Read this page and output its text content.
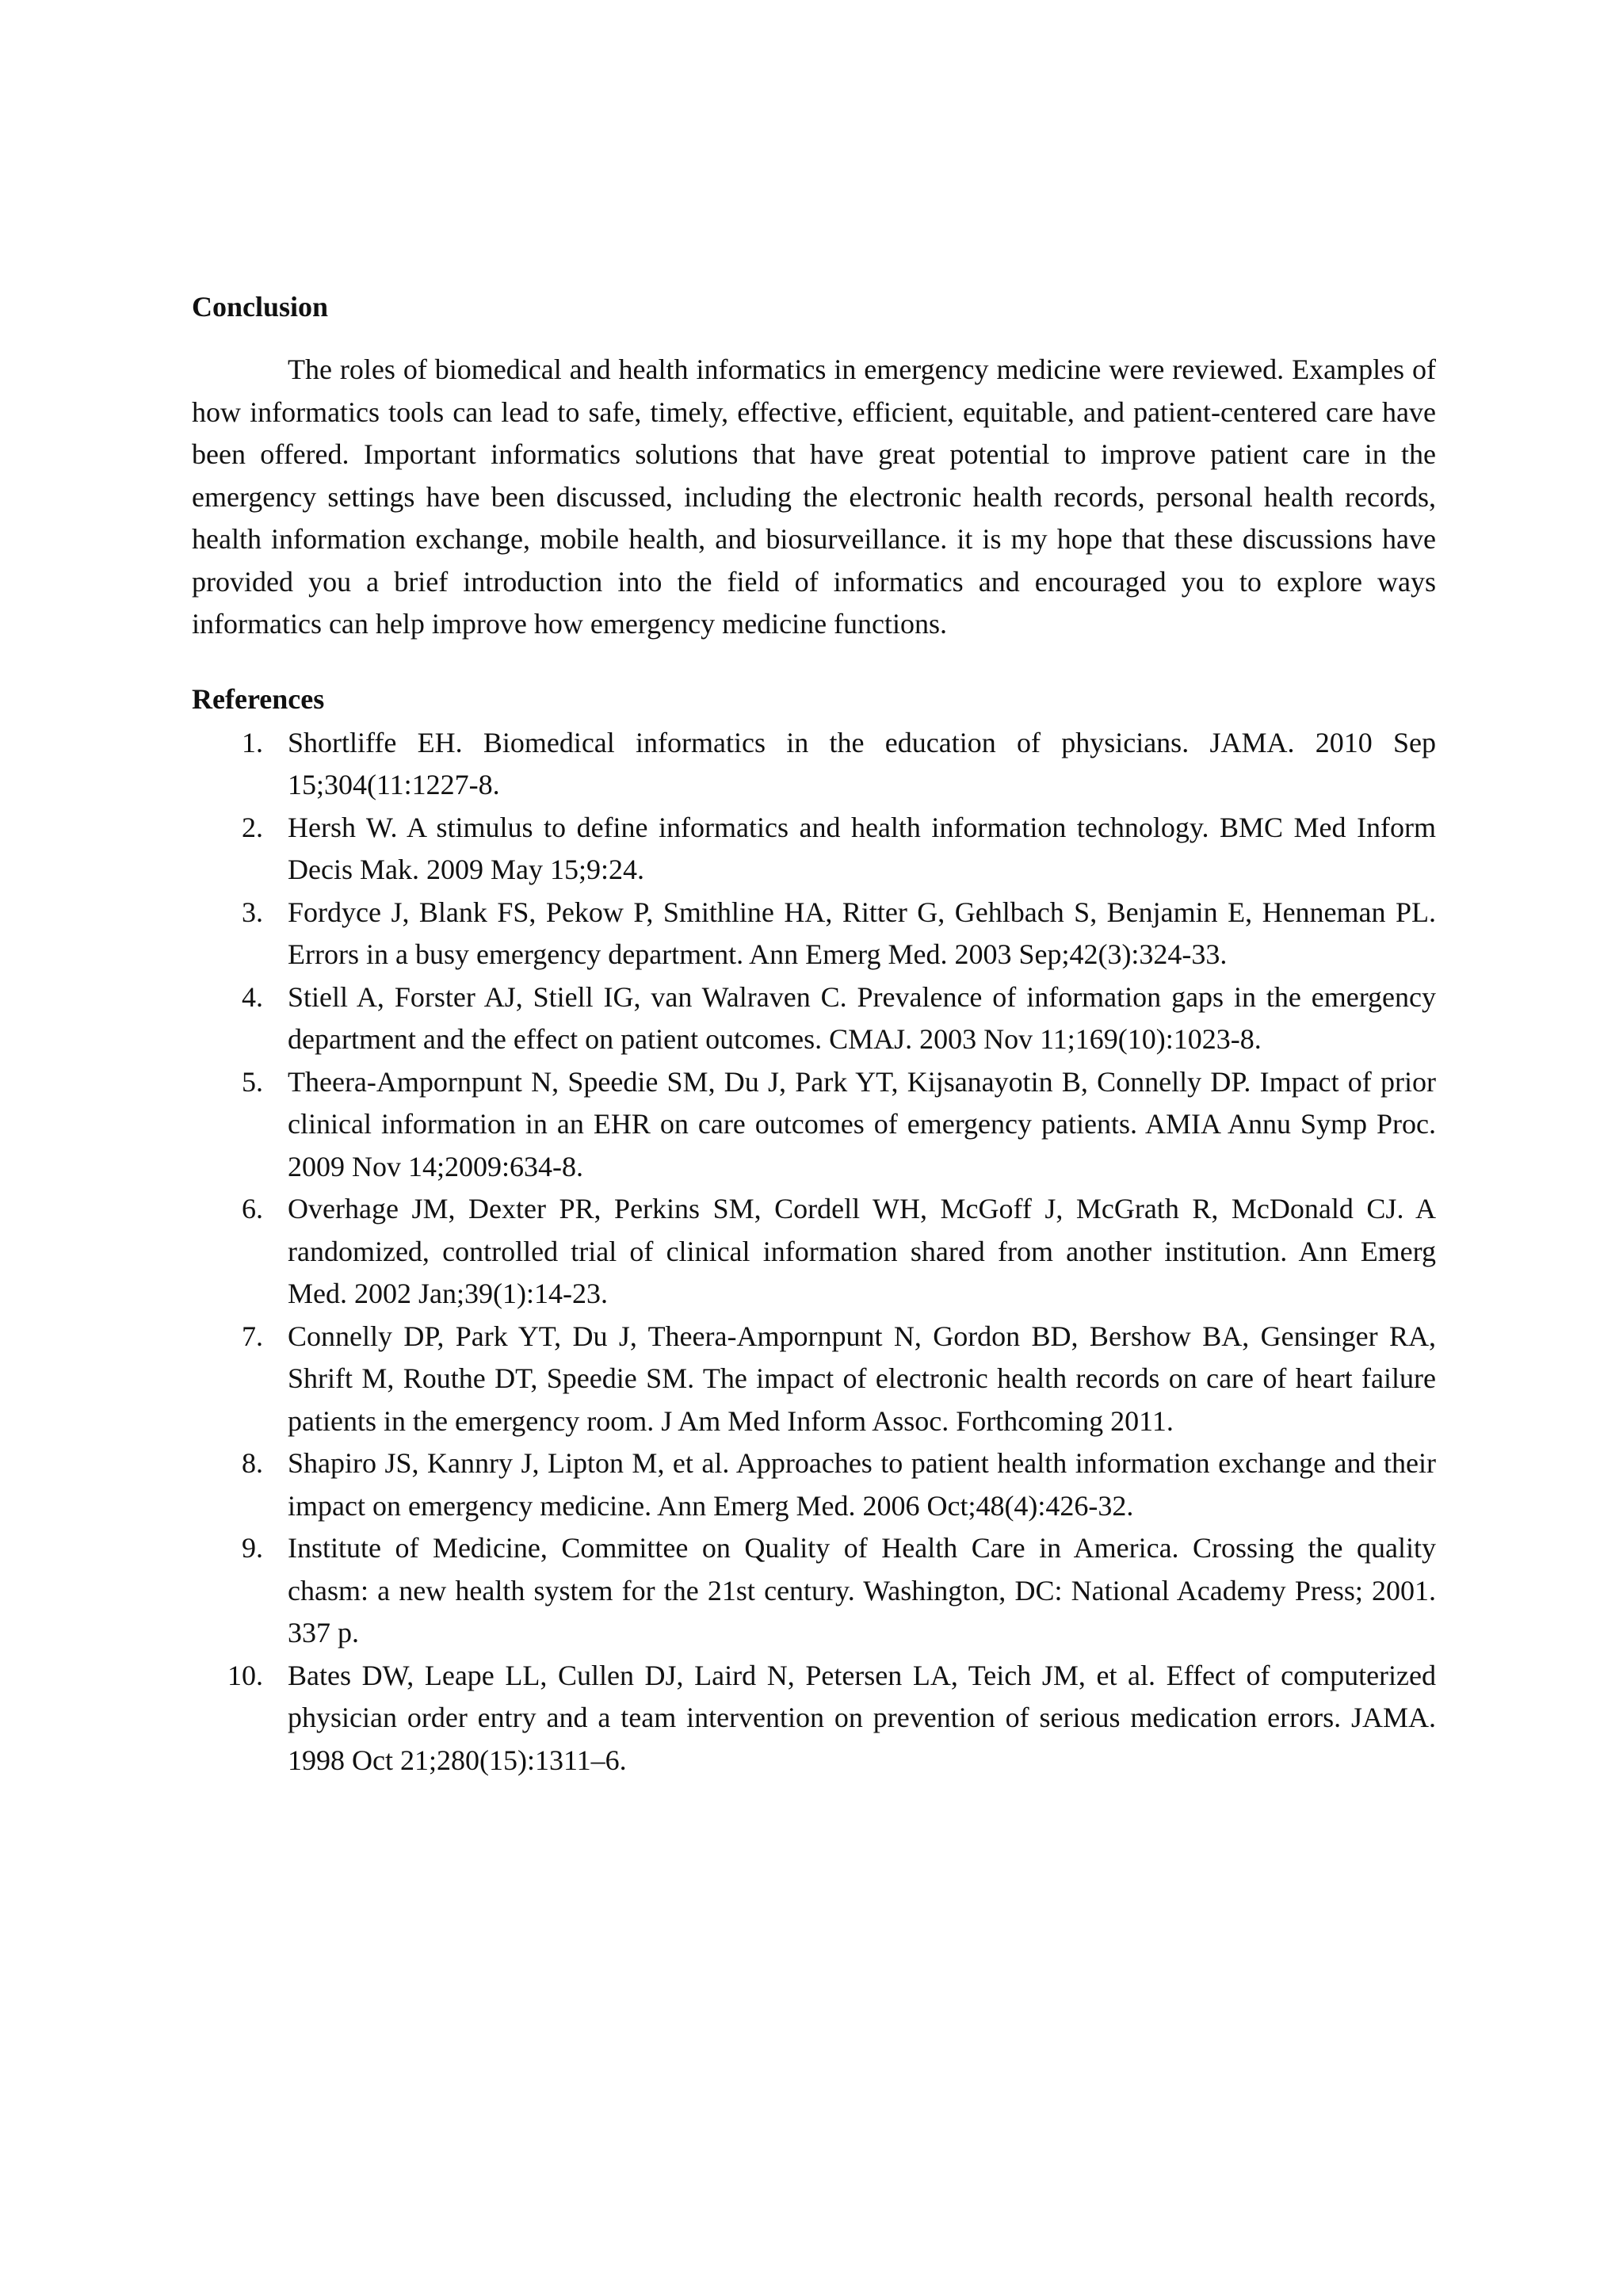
Conclusion

The roles of biomedical and health informatics in emergency medicine were reviewed. Examples of how informatics tools can lead to safe, timely, effective, efficient, equitable, and patient-centered care have been offered. Important informatics solutions that have great potential to improve patient care in the emergency settings have been discussed, including the electronic health records, personal health records, health information exchange, mobile health, and biosurveillance. it is my hope that these discussions have provided you a brief introduction into the field of informatics and encouraged you to explore ways informatics can help improve how emergency medicine functions.

References
1. Shortliffe EH. Biomedical informatics in the education of physicians. JAMA. 2010 Sep 15;304(11:1227-8.
2. Hersh W. A stimulus to define informatics and health information technology. BMC Med Inform Decis Mak. 2009 May 15;9:24.
3. Fordyce J, Blank FS, Pekow P, Smithline HA, Ritter G, Gehlbach S, Benjamin E, Henneman PL. Errors in a busy emergency department. Ann Emerg Med. 2003 Sep;42(3):324-33.
4. Stiell A, Forster AJ, Stiell IG, van Walraven C. Prevalence of information gaps in the emergency department and the effect on patient outcomes. CMAJ. 2003 Nov 11;169(10):1023-8.
5. Theera-Ampornpunt N, Speedie SM, Du J, Park YT, Kijsanayotin B, Connelly DP. Impact of prior clinical information in an EHR on care outcomes of emergency patients. AMIA Annu Symp Proc. 2009 Nov 14;2009:634-8.
6. Overhage JM, Dexter PR, Perkins SM, Cordell WH, McGoff J, McGrath R, McDonald CJ. A randomized, controlled trial of clinical information shared from another institution. Ann Emerg Med. 2002 Jan;39(1):14-23.
7. Connelly DP, Park YT, Du J, Theera-Ampornpunt N, Gordon BD, Bershow BA, Gensinger RA, Shrift M, Routhe DT, Speedie SM. The impact of electronic health records on care of heart failure patients in the emergency room. J Am Med Inform Assoc. Forthcoming 2011.
8. Shapiro JS, Kannry J, Lipton M, et al. Approaches to patient health information exchange and their impact on emergency medicine. Ann Emerg Med. 2006 Oct;48(4):426-32.
9. Institute of Medicine, Committee on Quality of Health Care in America. Crossing the quality chasm: a new health system for the 21st century. Washington, DC: National Academy Press; 2001. 337 p.
10. Bates DW, Leape LL, Cullen DJ, Laird N, Petersen LA, Teich JM, et al. Effect of computerized physician order entry and a team intervention on prevention of serious medication errors. JAMA. 1998 Oct 21;280(15):1311–6.
